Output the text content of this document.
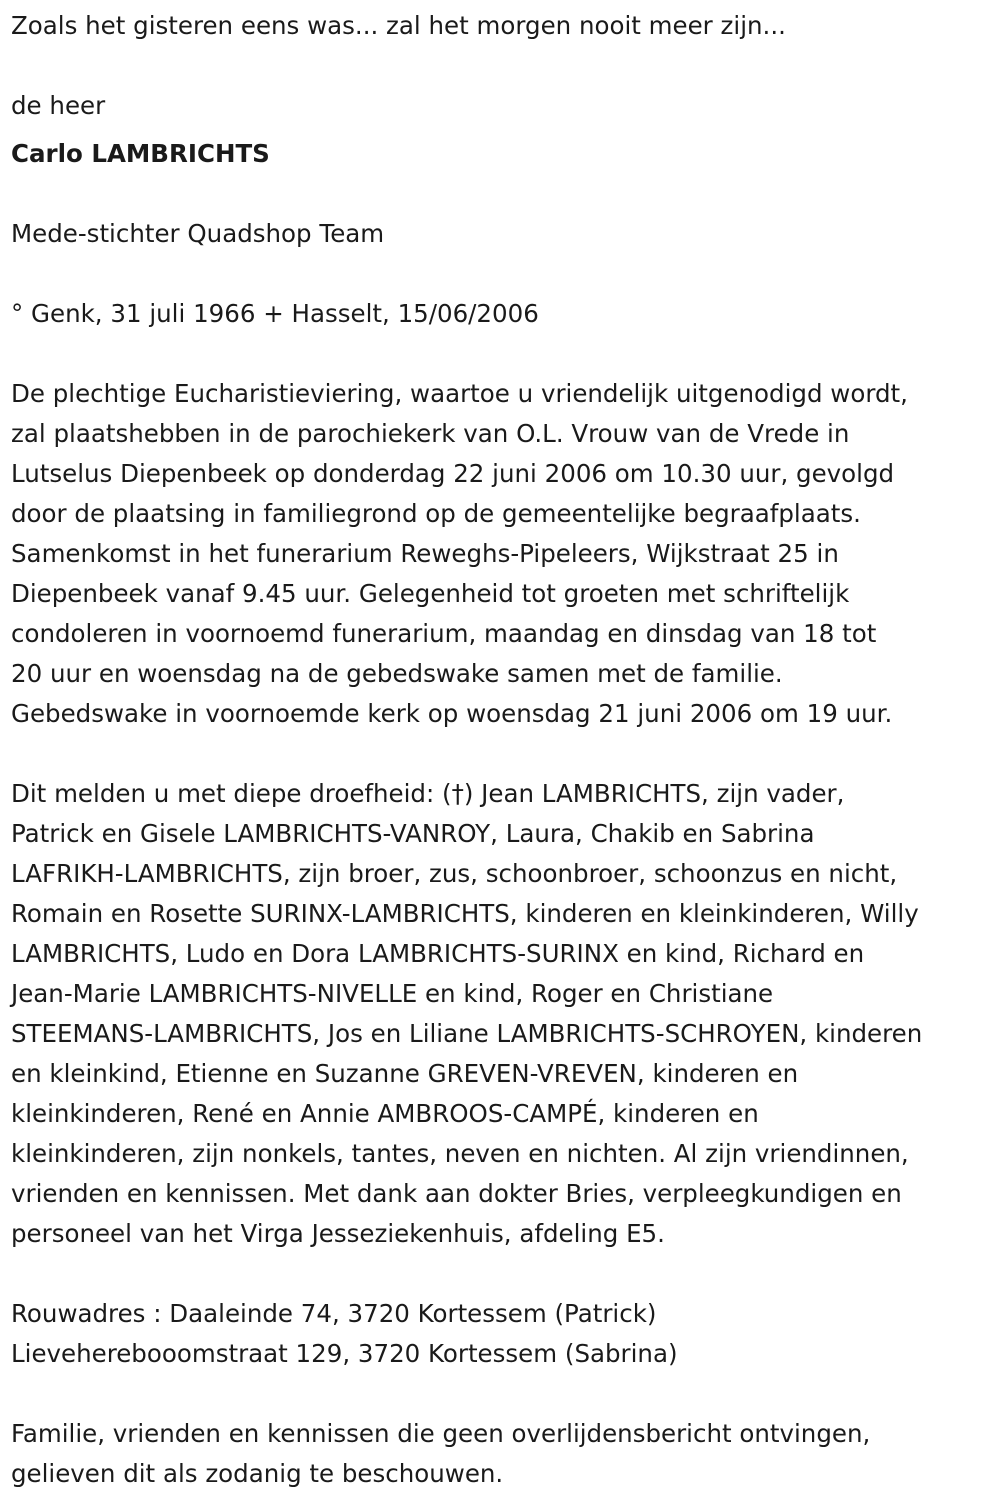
Zoals het gisteren eens was... zal het morgen nooit meer zijn...

de heer

Carlo LAMBRICHTS

Mede-stichter Quadshop Team

° Genk, 31 juli 1966 + Hasselt, 15/06/2006

De plechtige Eucharistieviering, waartoe u vriendelijk uitgenodigd wordt,

zal plaatshebben in de parochiekerk van O.L. Vrouw van de Vrede in

Lutselus Diepenbeek op donderdag 22 juni 2006 om 10.30 uur, gevolgd

door de plaatsing in familiegrond op de gemeentelijke begraafplaats.

Samenkomst in het funerarium Reweghs-Pipeleers, Wijkstraat 25 in

Diepenbeek vanaf 9.45 uur. Gelegenheid tot groeten met schriftelijk

condoleren in voornoemd funerarium, maandag en dinsdag van 18 tot

20 uur en woensdag na de gebedswake samen met de familie.

Gebedswake in voornoemde kerk op woensdag 21 juni 2006 om 19 uur.

Dit melden u met diepe droefheid: (†) Jean LAMBRICHTS, zijn vader,

Patrick en Gisele LAMBRICHTS-VANROY, Laura, Chakib en Sabrina

LAFRIKH-LAMBRICHTS, zijn broer, zus, schoonbroer, schoonzus en nicht,

Romain en Rosette SURINX-LAMBRICHTS, kinderen en kleinkinderen, Willy

LAMBRICHTS, Ludo en Dora LAMBRICHTS-SURINX en kind, Richard en

Jean-Marie LAMBRICHTS-NIVELLE en kind, Roger en Christiane

STEEMANS-LAMBRICHTS, Jos en Liliane LAMBRICHTS-SCHROYEN, kinderen

en kleinkind, Etienne en Suzanne GREVEN-VREVEN, kinderen en

kleinkinderen, René en Annie AMBROOS-CAMPÉ, kinderen en

kleinkinderen, zijn nonkels, tantes, neven en nichten. Al zijn vriendinnen,

vrienden en kennissen. Met dank aan dokter Bries, verpleegkundigen en

personeel van het Virga Jesseziekenhuis, afdeling E5.

Rouwadres : Daaleinde 74, 3720 Kortessem (Patrick)

Lieveherebooomstraat 129, 3720 Kortessem (Sabrina)

Familie, vrienden en kennissen die geen overlijdensbericht ontvingen,

gelieven dit als zodanig te beschouwen.
